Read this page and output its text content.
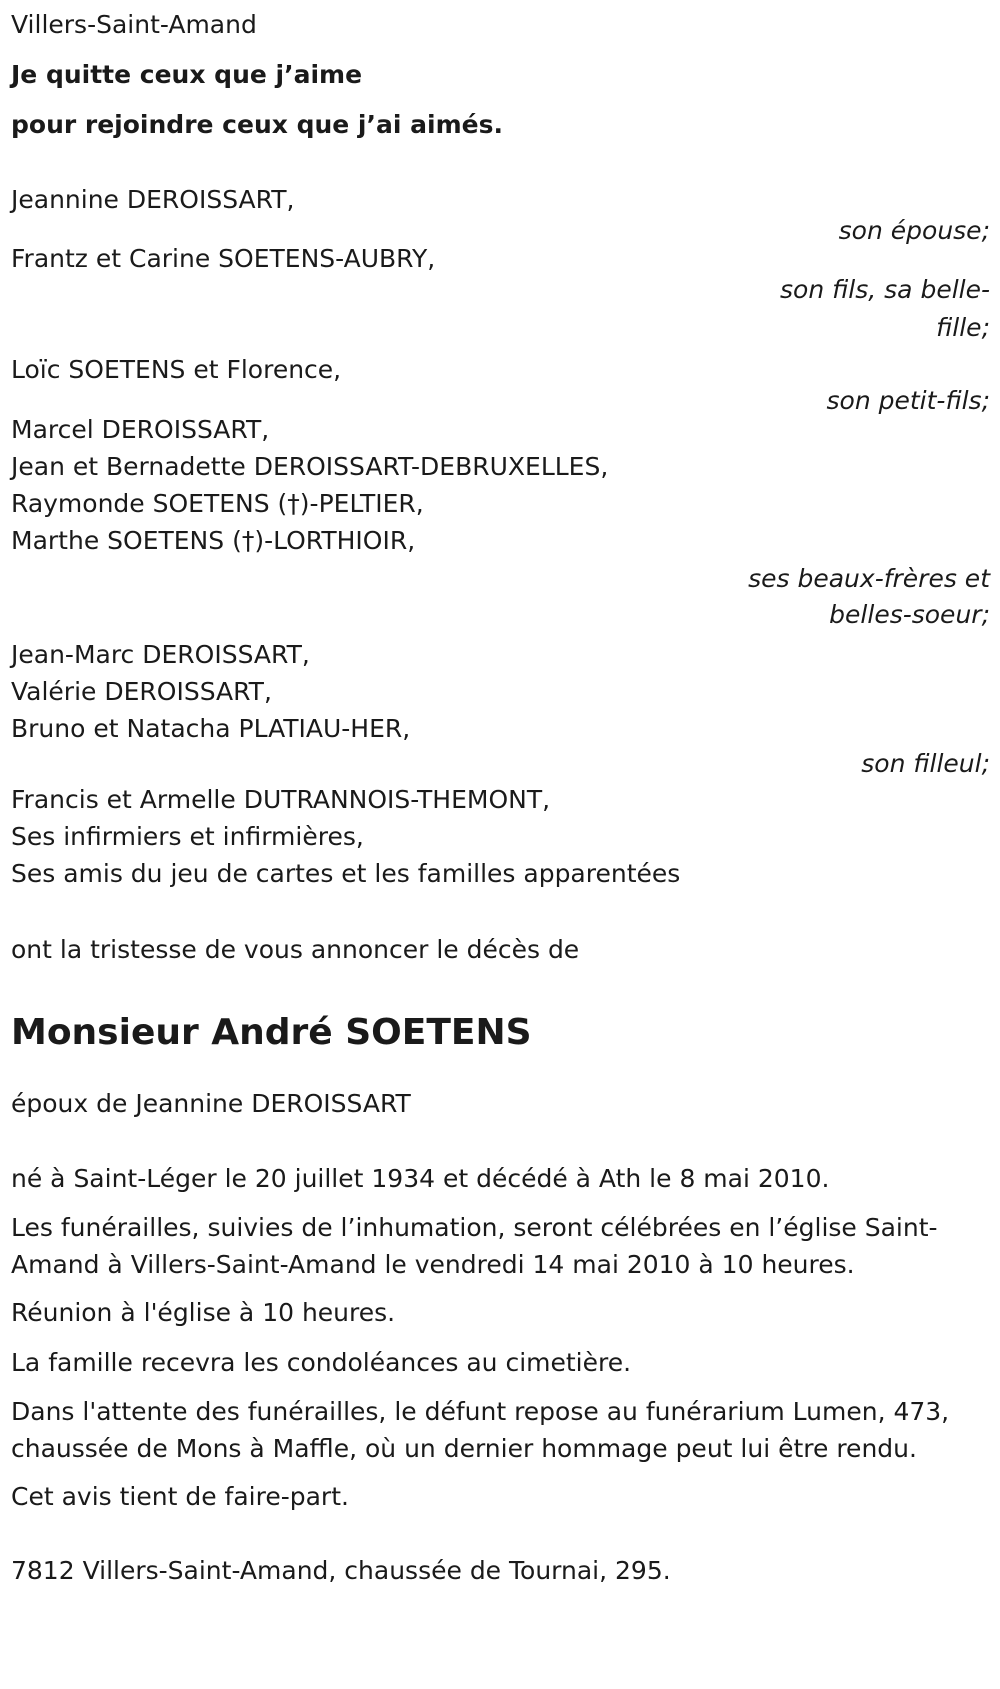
Villers-Saint-Amand

Je quitte ceux que j’aime

pour rejoindre ceux que j’ai aimés.

Jeannine DEROISSART,

son épouse;

Frantz et Carine SOETENS-AUBRY,

son fils, sa belle-

fille;

Loïc SOETENS et Florence,

son petit-fils;

Marcel DEROISSART,

Jean et Bernadette DEROISSART-DEBRUXELLES,

Raymonde SOETENS (†)-PELTIER,

Marthe SOETENS (†)-LORTHIOIR,

ses beaux-frères et

belles-soeur;

Jean-Marc DEROISSART,

Valérie DEROISSART,

Bruno et Natacha PLATIAU-HER,

son filleul;

Francis et Armelle DUTRANNOIS-THEMONT,

Ses infirmiers et infirmières,

Ses amis du jeu de cartes et les familles apparentées

ont la tristesse de vous annoncer le décès de

Monsieur André SOETENS

époux de Jeannine DEROISSART

né à Saint-Léger le 20 juillet 1934 et décédé à Ath le 8 mai 2010.

Les funérailles, suivies de l’inhumation, seront célébrées en l’église Saint-Amand à Villers-Saint-Amand le vendredi 14 mai 2010 à 10 heures.

Réunion à l'église à 10 heures.

La famille recevra les condoléances au cimetière.

Dans l'attente des funérailles, le défunt repose au funérarium Lumen, 473, chaussée de Mons à Maffle, où un dernier hommage peut lui être rendu.

Cet avis tient de faire-part.

7812 Villers-Saint-Amand, chaussée de Tournai, 295.
